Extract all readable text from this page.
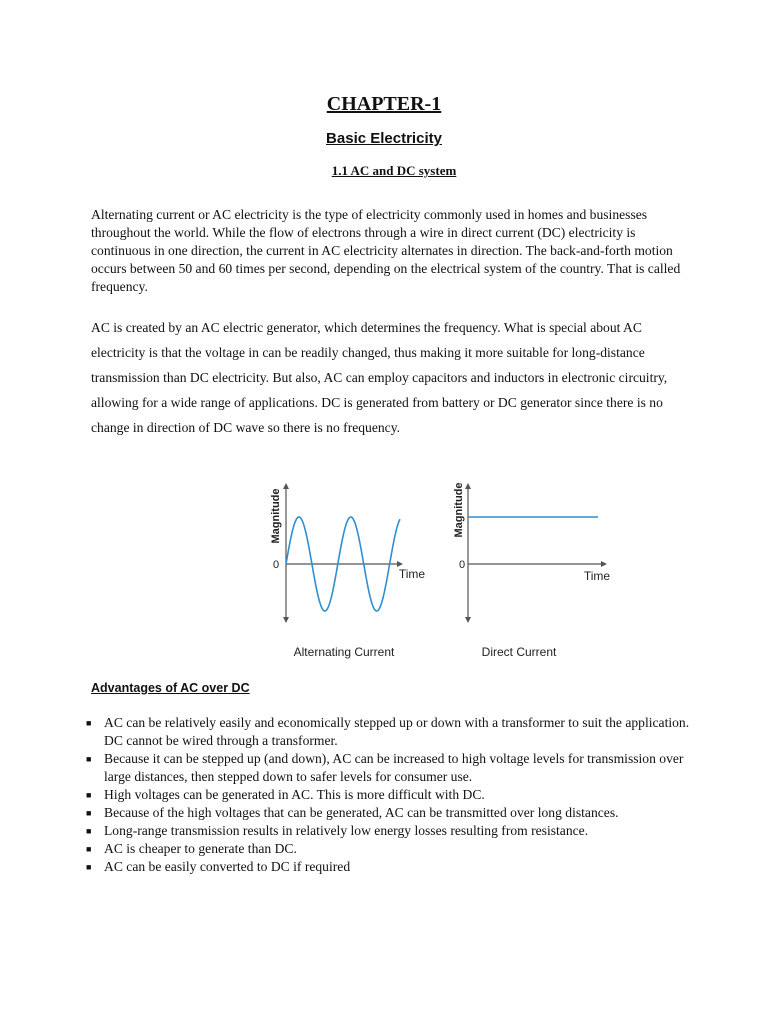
CHAPTER-1
Basic Electricity
1.1 AC and DC system

Alternating current or AC electricity is the type of electricity commonly used in homes and businesses throughout the world. While the flow of electrons through a wire in direct current (DC) electricity is continuous in one direction, the current in AC electricity alternates in direction. The back-and-forth motion occurs between 50 and 60 times per second, depending on the electrical system of the country. That is called frequency.

AC is created by an AC electric generator, which determines the frequency. What is special about AC electricity is that the voltage in can be readily changed, thus making it more suitable for long-distance transmission than DC electricity. But also, AC can employ capacitors and inductors in electronic circuitry, allowing for a wide range of applications. DC is generated from battery or DC generator since there is no change in direction of DC wave so there is no frequency.

Magnitude
0
Time
Alternating Current
Magnitude
0
Time
Direct Current
Advantages of AC over DC
■ AC can be relatively easily and economically stepped up or down with a transformer to suit the application. DC cannot be wired through a transformer.
■ Because it can be stepped up (and down), AC can be increased to high voltage levels for transmission over large distances, then stepped down to safer levels for consumer use.
■ High voltages can be generated in AC. This is more difficult with DC.
■ Because of the high voltages that can be generated, AC can be transmitted over long distances.
■ Long-range transmission results in relatively low energy losses resulting from resistance.
■ AC is cheaper to generate than DC.
■ AC can be easily converted to DC if required
